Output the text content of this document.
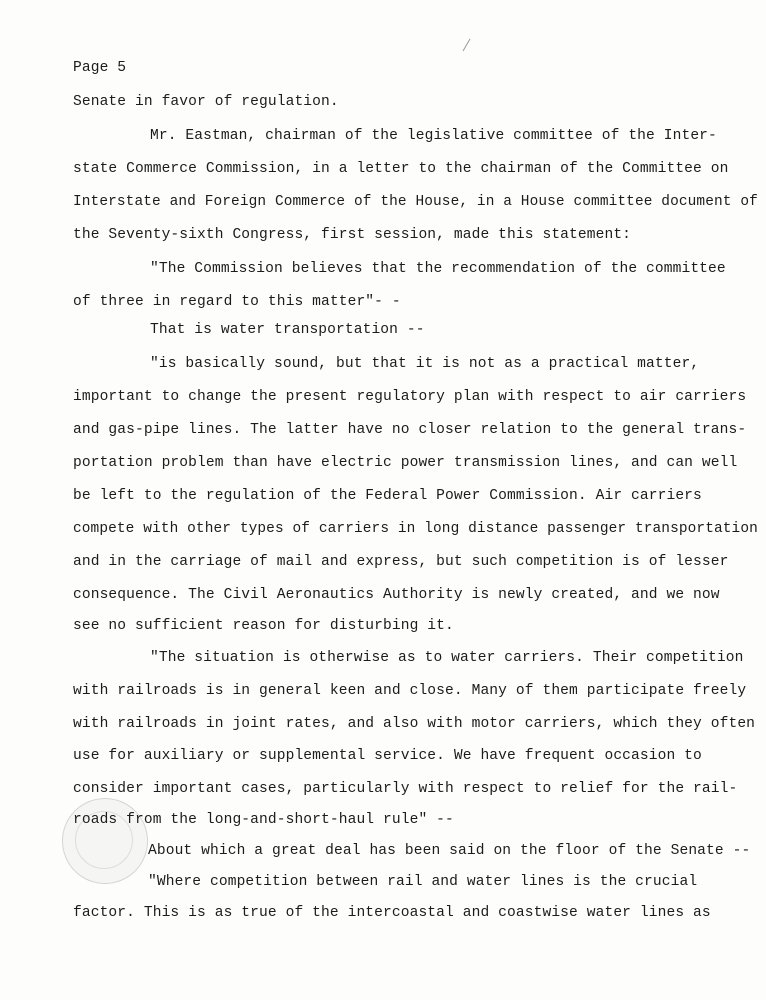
Page 5
Senate in favor of regulation.
Mr. Eastman, chairman of the legislative committee of the Inter-
state Commerce Commission, in a letter to the chairman of the Committee on
Interstate and Foreign Commerce of the House, in a House committee document of
the Seventy-sixth Congress, first session, made this statement:
"The Commission believes that the recommendation of the committee
of three in regard to this matter"- -
That is water transportation --
"is basically sound, but that it is not as a practical matter,
important to change the present regulatory plan with respect to air carriers
and gas-pipe lines. The latter have no closer relation to the general trans-
portation problem than have electric power transmission lines, and can well
be left to the regulation of the Federal Power Commission. Air carriers
compete with other types of carriers in long distance passenger transportation
and in the carriage of mail and express, but such competition is of lesser
consequence. The Civil Aeronautics Authority is newly created, and we now
see no sufficient reason for disturbing it.
"The situation is otherwise as to water carriers. Their competition
with railroads is in general keen and close. Many of them participate freely
with railroads in joint rates, and also with motor carriers, which they often
use for auxiliary or supplemental service. We have frequent occasion to
consider important cases, particularly with respect to relief for the rail-
roads from the long-and-short-haul rule" --
About which a great deal has been said on the floor of the Senate --
"Where competition between rail and water lines is the crucial
factor. This is as true of the intercoastal and coastwise water lines as
